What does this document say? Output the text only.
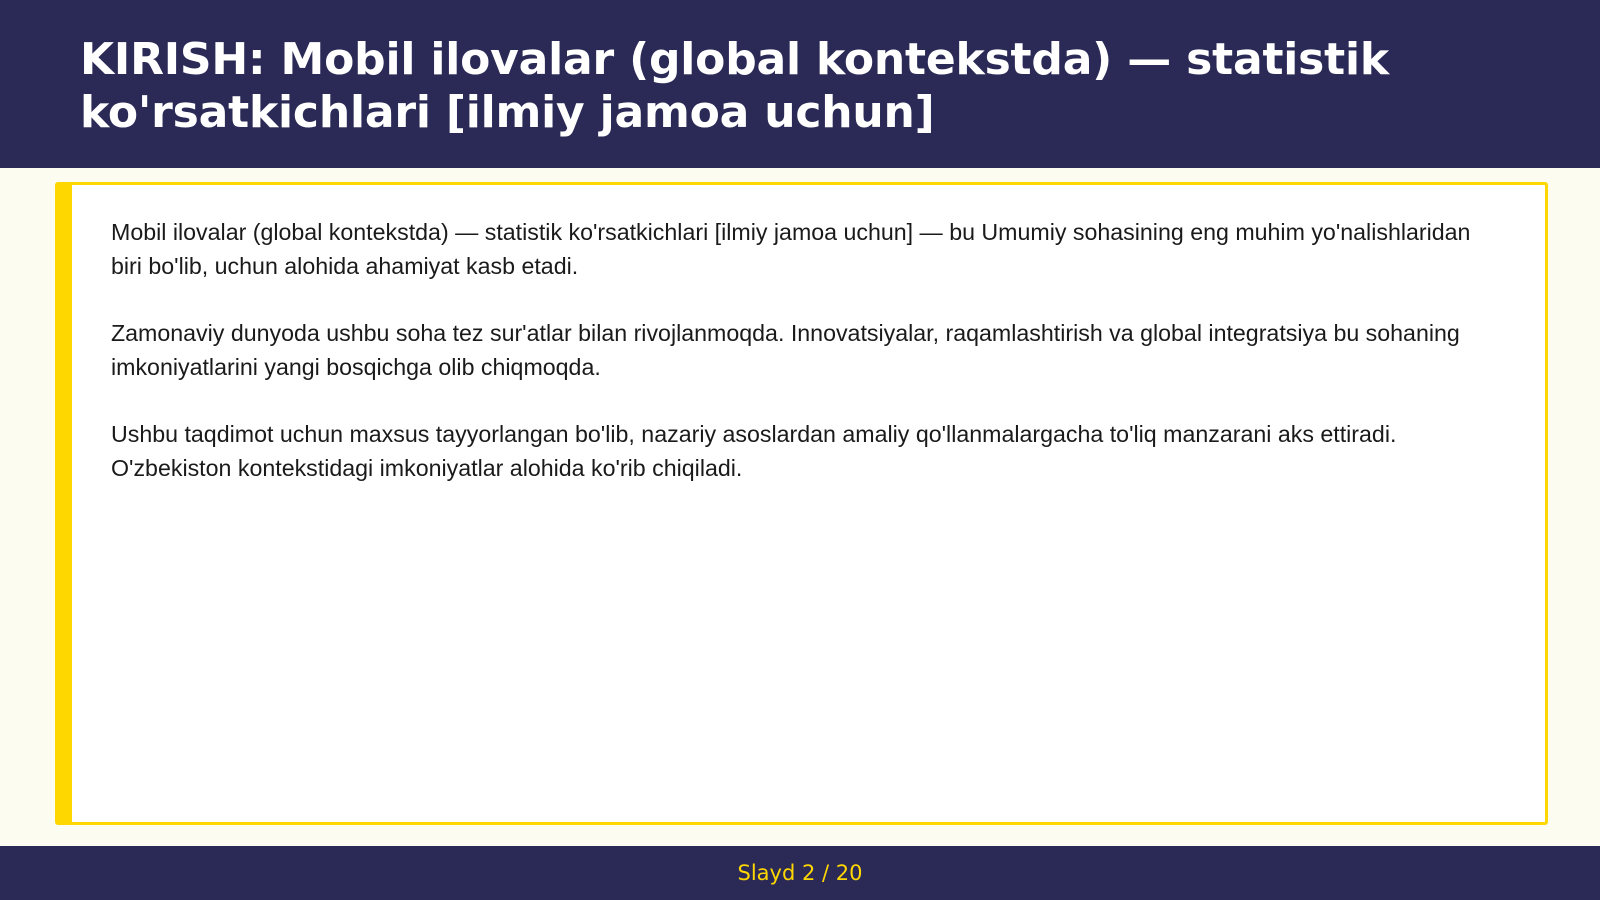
KIRISH: Mobil ilovalar (global kontekstda) — statistik ko'rsatkichlari [ilmiy jamoa uchun]

Mobil ilovalar (global kontekstda) — statistik ko'rsatkichlari [ilmiy jamoa uchun] — bu Umumiy sohasining eng muhim yo'nalishlaridan biri bo'lib, uchun alohida ahamiyat kasb etadi.

Zamonaviy dunyoda ushbu soha tez sur'atlar bilan rivojlanmoqda. Innovatsiyalar, raqamlashtirish va global integratsiya bu sohaning imkoniyatlarini yangi bosqichga olib chiqmoqda.

Ushbu taqdimot uchun maxsus tayyorlangan bo'lib, nazariy asoslardan amaliy qo'llanmalargacha to'liq manzarani aks ettiradi. O'zbekiston kontekstidagi imkoniyatlar alohida ko'rib chiqiladi.

Slayd 2 / 20
